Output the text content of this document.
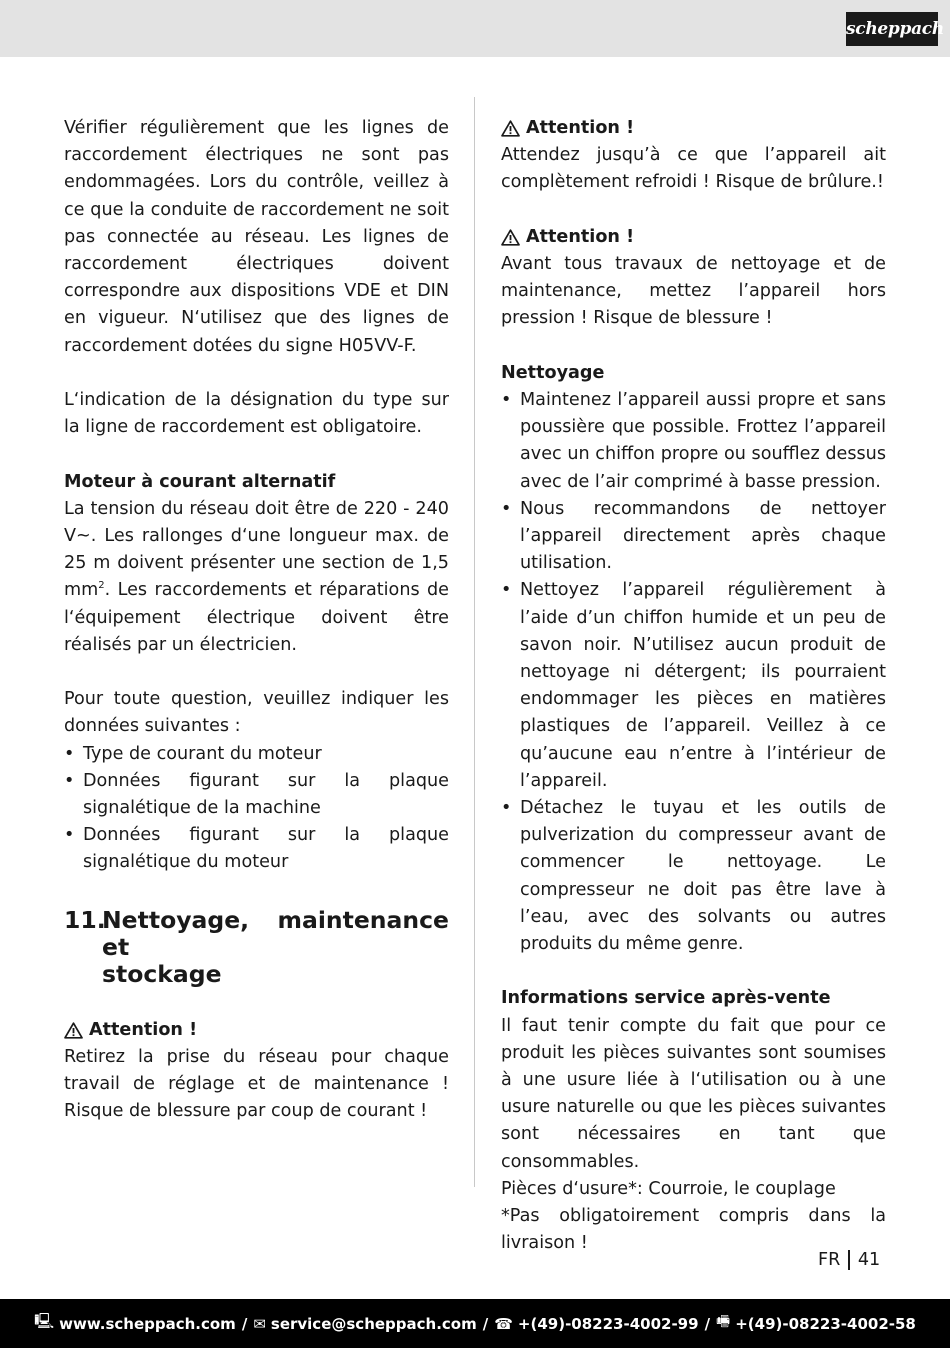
scheppach

Vérifier régulièrement que les lignes de raccordement électriques ne sont pas endommagées. Lors du contrôle, veillez à ce que la conduite de raccordement ne soit pas connectée au réseau. Les lignes de raccordement électriques doivent correspondre aux dispositions VDE et DIN en vigueur. N‘utilisez que des lignes de raccordement dotées du signe H05VV-F.

L‘indication de la désignation du type sur la ligne de raccordement est obligatoire.

Moteur à courant alternatif

La tension du réseau doit être de 220 - 240 V~. Les rallonges d‘une longueur max. de 25 m doivent présenter une section de 1,5 $mm^2$. Les raccordements et réparations de l‘équipement électrique doivent être réalisés par un électricien.

Pour toute question, veuillez indiquer les données suivantes :

• Type de courant du moteur
• Données figurant sur la plaque signalétique de la machine
• Données figurant sur la plaque signalétique du moteur
11.
Nettoyage, maintenance et
stockage
Attention !

Retirez la prise du réseau pour chaque travail de réglage et de maintenance ! Risque de blessure par coup de courant !

Attention !

Attendez jusqu’à ce que l’appareil ait complètement refroidi ! Risque de brûlure.!

Attention !

Avant tous travaux de nettoyage et de maintenance, mettez l’appareil hors pression ! Risque de blessure !

Nettoyage

• Maintenez l’appareil aussi propre et sans poussière que possible. Frottez l’appareil avec un chiffon propre ou soufflez dessus avec de l’air comprimé à basse pression.
• Nous recommandons de nettoyer l’appareil directement après chaque utilisation.
• Nettoyez l’appareil régulièrement à l’aide d’un chiffon humide et un peu de savon noir. N’utilisez aucun produit de nettoyage ni détergent; ils pourraient endommager les pièces en matières plastiques de l’appareil. Veillez à ce qu’aucune eau n’entre à l’intérieur de l’appareil.
• Détachez le tuyau et les outils de pulverization du compresseur avant de commencer le nettoyage. Le compresseur ne doit pas être lave à l’eau, avec des solvants ou autres produits du même genre.

Informations service après-vente

Il faut tenir compte du fait que pour ce produit les pièces suivantes sont soumises à une usure liée à l‘utilisation ou à une usure naturelle ou que les pièces suivantes sont nécessaires en tant que consommables.

Pièces d‘usure*: Courroie, le couplage

*Pas obligatoirement compris dans la livraison !

FR 41
🖳︎ www.scheppach.com / ✉︎ service@scheppach.com / ☎︎ +(49)-08223-4002-99 / 🖷︎ +(49)-08223-4002-58
